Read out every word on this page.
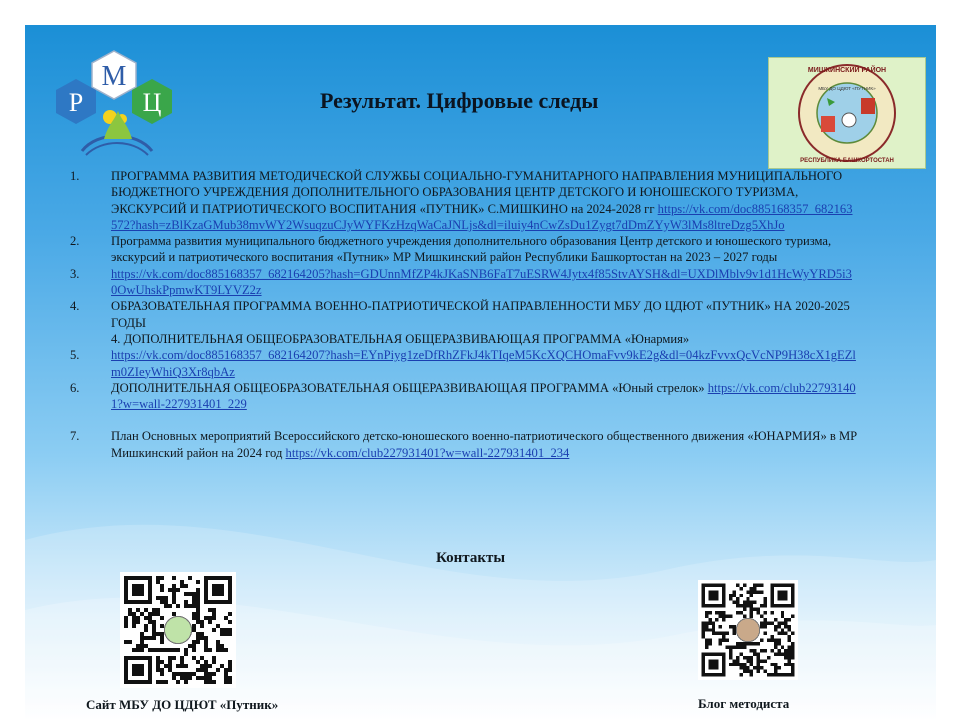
М
Р Ц	Результат. Цифровые следы
МИШКИНСКИЙ РАЙОН
МБУ ДО ЦДЮТ «ПУТНИК»
РЕСПУБЛИКА БАШКОРТОСТАН
1.	ПРОГРАММА РАЗВИТИЯ МЕТОДИЧЕСКОЙ СЛУЖБЫ СОЦИАЛЬНО-ГУМАНИТАРНОГО НАПРАВЛЕНИЯ МУНИЦИПАЛЬНОГО БЮДЖЕТНОГО УЧРЕЖДЕНИЯ ДОПОЛНИТЕЛЬНОГО ОБРАЗОВАНИЯ ЦЕНТР ДЕТСКОГО И ЮНОШЕСКОГО ТУРИЗМА, ЭКСКУРСИЙ И ПАТРИОТИЧЕСКОГО ВОСПИТАНИЯ «ПУТНИК» С.МИШКИНО на 2024-2028 гг https://vk.com/doc885168357_682163572?hash=zBlKzaGMub38mvWY2WsuqzuCJyWYFKzHzqWaCaJNLjs&dl=iluiy4nCwZsDu1Zygt7dDmZYyW3lMs8ltreDzg5XhJo
2.	Программа развития муниципального бюджетного учреждения дополнительного образования Центр детского и юношеского туризма, экскурсий и патриотического воспитания «Путник» МР Мишкинский район Республики Башкортостан на 2023 – 2027 годы
3.	https://vk.com/doc885168357_682164205?hash=GDUnnMfZP4kJKaSNB6FaT7uESRW4Jytx4f85StvAYSH&dl=UXDlMblv9v1d1HcWyYRD5i30OwUhskPpmwKT9LYVZ2z
4.	ОБРАЗОВАТЕЛЬНАЯ ПРОГРАММА ВОЕННО-ПАТРИОТИЧЕСКОЙ НАПРАВЛЕННОСТИ МБУ ДО ЦДЮТ «ПУТНИК» НА 2020-2025 ГОДЫ
4. ДОПОЛНИТЕЛЬНАЯ ОБЩЕОБРАЗОВАТЕЛЬНАЯ ОБЩЕРАЗВИВАЮЩАЯ ПРОГРАММА «Юнармия»
5.	https://vk.com/doc885168357_682164207?hash=EYnPiyg1zeDfRhZFkJ4kTIqeM5KcXQCHOmaFvv9kE2g&dl=04kzFvvxQcVcNP9H38cX1gEZlm0ZIeyWhiQ3Xr8qbAz
6.	ДОПОЛНИТЕЛЬНАЯ ОБЩЕОБРАЗОВАТЕЛЬНАЯ ОБЩЕРАЗВИВАЮЩАЯ ПРОГРАММА «Юный стрелок» https://vk.com/club227931401?w=wall-227931401_229
7.	План Основных мероприятий Всероссийского детско-юношеского военно-патриотического общественного движения «ЮНАРМИЯ» в МР Мишкинский район на 2024 год https://vk.com/club227931401?w=wall-227931401_234
Контакты
Сайт МБУ ДО ЦДЮТ «Путник»	Блог методиста
